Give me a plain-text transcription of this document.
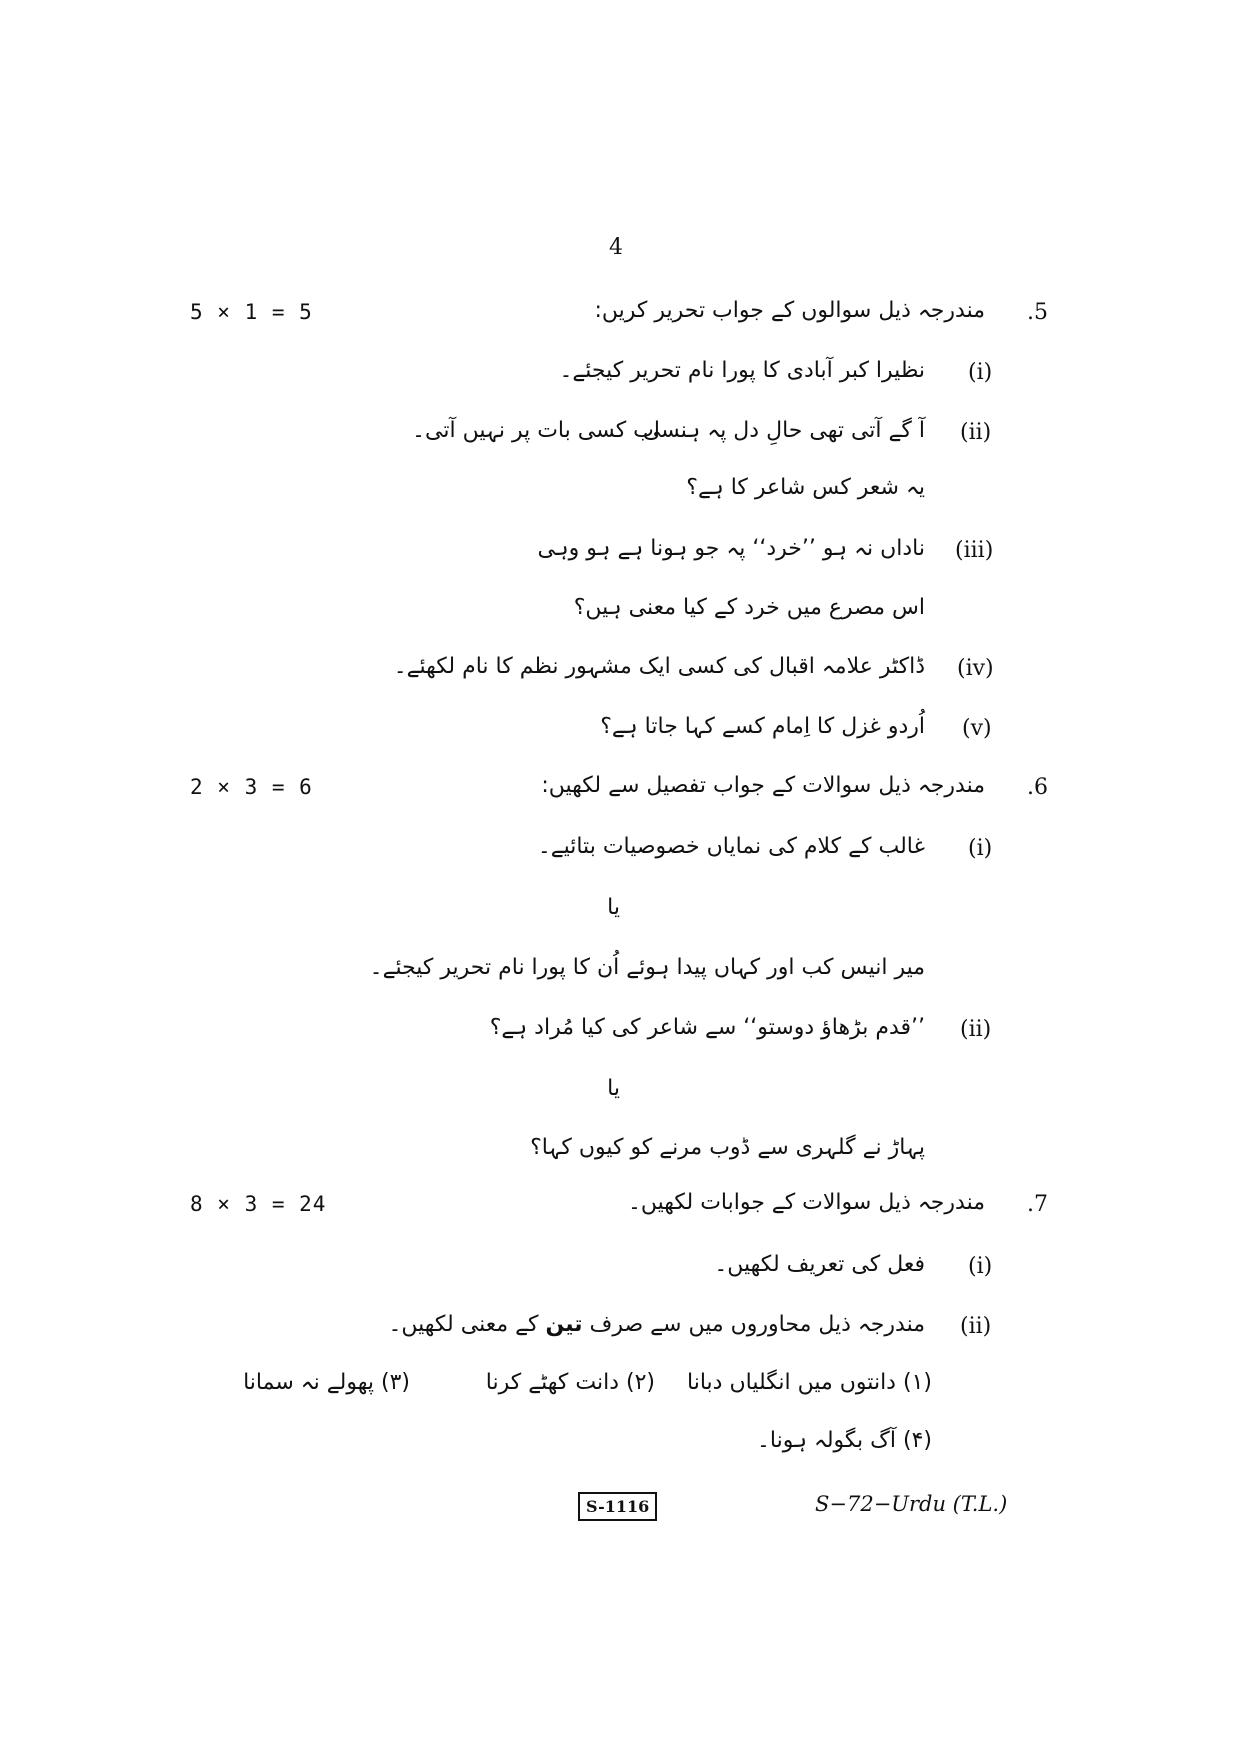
4
5 × 1 = 5	.5
مندرجہ ذیل سوالوں کے جواب تحریر کریں:
(i)
نظیرا کبر آبادی کا پورا نام تحریر کیجئے۔
(ii)
آ گے آتی تھی حالِ دل پہ ہنسی
اب کسی بات پر نہیں آتی۔
یہ شعر کس شاعر کا ہے؟
(iii)
ناداں نہ ہو ’’خرد‘‘ پہ جو ہونا ہے ہو وہی
اس مصرع میں خرد کے کیا معنی ہیں؟
(iv)
ڈاکٹر علامہ اقبال کی کسی ایک مشہور نظم کا نام لکھئے۔
(v)
اُردو غزل کا اِمام کسے کہا جاتا ہے؟
2 × 3 = 6	.6
مندرجہ ذیل سوالات کے جواب تفصیل سے لکھیں:
(i)
غالب کے کلام کی نمایاں خصوصیات بتائیے۔
یا
میر انیس کب اور کہاں پیدا ہوئے اُن کا پورا نام تحریر کیجئے۔
(ii)
’’قدم بڑھاؤ دوستو‘‘ سے شاعر کی کیا مُراد ہے؟
یا
پہاڑ نے گلہری سے ڈوب مرنے کو کیوں کہا؟
8 × 3 = 24	.7
مندرجہ ذیل سوالات کے جوابات لکھیں۔
(i)
فعل کی تعریف لکھیں۔
(ii)
مندرجہ ذیل محاوروں میں سے صرف تین کے معنی لکھیں۔
(۱) دانتوں میں انگلیاں دبانا
(۲) دانت کھٹے کرنا
(۳) پھولے نہ سمانا
(۴) آگ بگولہ ہونا۔
S-1116	S−72−Urdu (T.L.)
